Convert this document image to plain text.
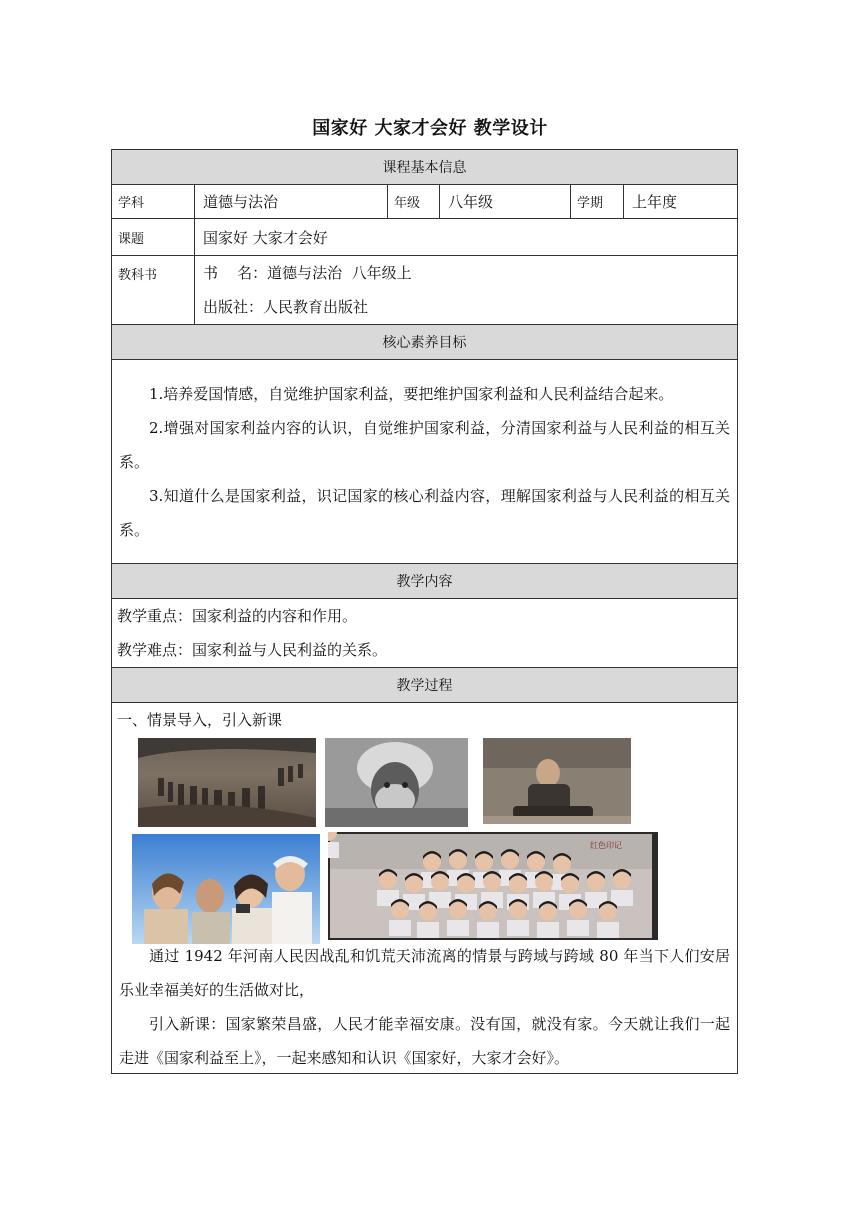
国家好 大家才会好 教学设计
课程基本信息					
学科	道德与法治	年级	八年级	学期	上年度
课题	国家好 大家才会好				
教科书	书    名：道德与法治  八年级上
出版社：人民教育出版社				

核心素养目标					

1.培养爱国情感，自觉维护国家利益，要把维护国家利益和人民利益结合起来。

2.增强对国家利益内容的认识，自觉维护国家利益，分清国家利益与人民利益的相互关系。

3.知道什么是国家利益，识记国家的核心利益内容，理解国家利益与人民利益的相互关系。					

教学内容					

教学重点：国家利益的内容和作用。

教学难点：国家利益与人民利益的关系。					

教学过程					

一、情景导入，引入新课

红色印记

通过 1942 年河南人民因战乱和饥荒天沛流离的情景与跨域与跨域 80 年当下人们安居乐业幸福美好的生活做对比，

引入新课：国家繁荣昌盛，人民才能幸福安康。没有国，就没有家。今天就让我们一起走进《国家利益至上》，一起来感知和认识《国家好，大家才会好》。					
